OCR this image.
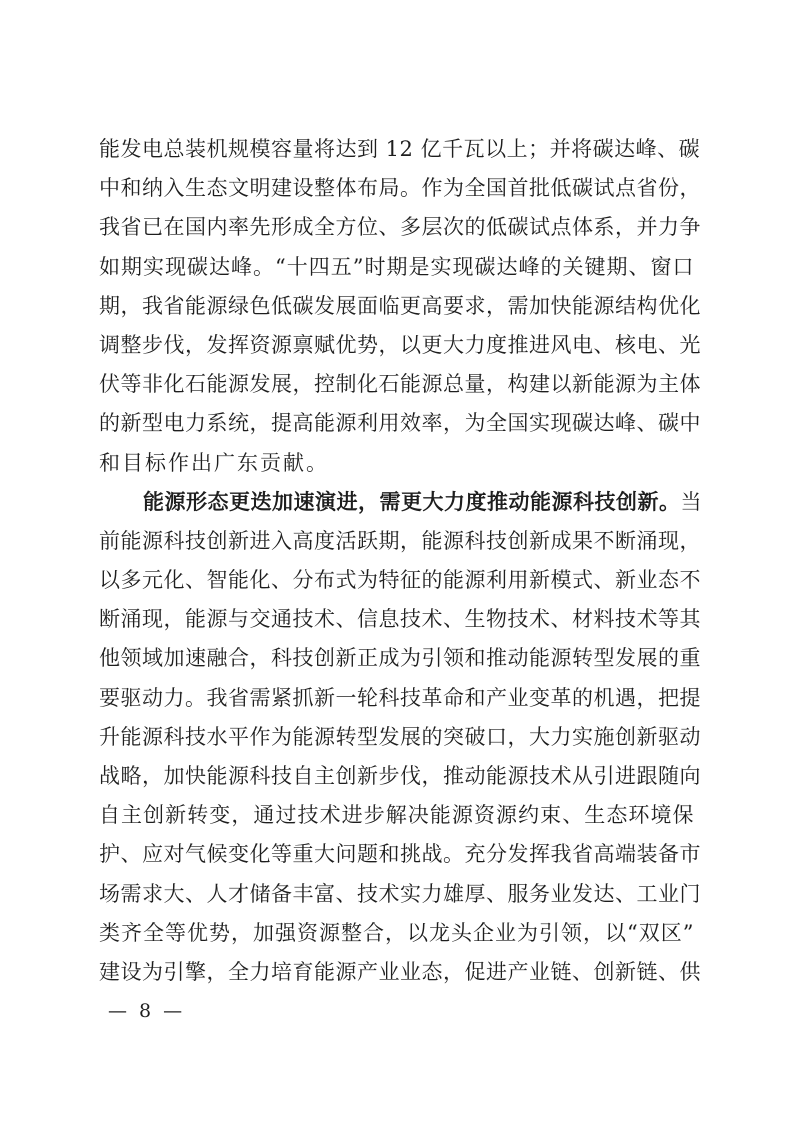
能发电总装机规模容量将达到 12 亿千瓦以上；并将碳达峰、碳
中和纳入生态文明建设整体布局。作为全国首批低碳试点省份，
我省已在国内率先形成全方位、多层次的低碳试点体系，并力争
如期实现碳达峰。“十四五”时期是实现碳达峰的关键期、窗口
期，我省能源绿色低碳发展面临更高要求，需加快能源结构优化
调整步伐，发挥资源禀赋优势，以更大力度推进风电、核电、光
伏等非化石能源发展，控制化石能源总量，构建以新能源为主体
的新型电力系统，提高能源利用效率，为全国实现碳达峰、碳中
和目标作出广东贡献。
能源形态更迭加速演进，需更大力度推动能源科技创新。当
前能源科技创新进入高度活跃期，能源科技创新成果不断涌现，
以多元化、智能化、分布式为特征的能源利用新模式、新业态不
断涌现，能源与交通技术、信息技术、生物技术、材料技术等其
他领域加速融合，科技创新正成为引领和推动能源转型发展的重
要驱动力。我省需紧抓新一轮科技革命和产业变革的机遇，把提
升能源科技水平作为能源转型发展的突破口，大力实施创新驱动
战略，加快能源科技自主创新步伐，推动能源技术从引进跟随向
自主创新转变，通过技术进步解决能源资源约束、生态环境保
护、应对气候变化等重大问题和挑战。充分发挥我省高端装备市
场需求大、人才储备丰富、技术实力雄厚、服务业发达、工业门
类齐全等优势，加强资源整合，以龙头企业为引领，以“双区”
建设为引擎，全力培育能源产业业态，促进产业链、创新链、供
— 8 —
